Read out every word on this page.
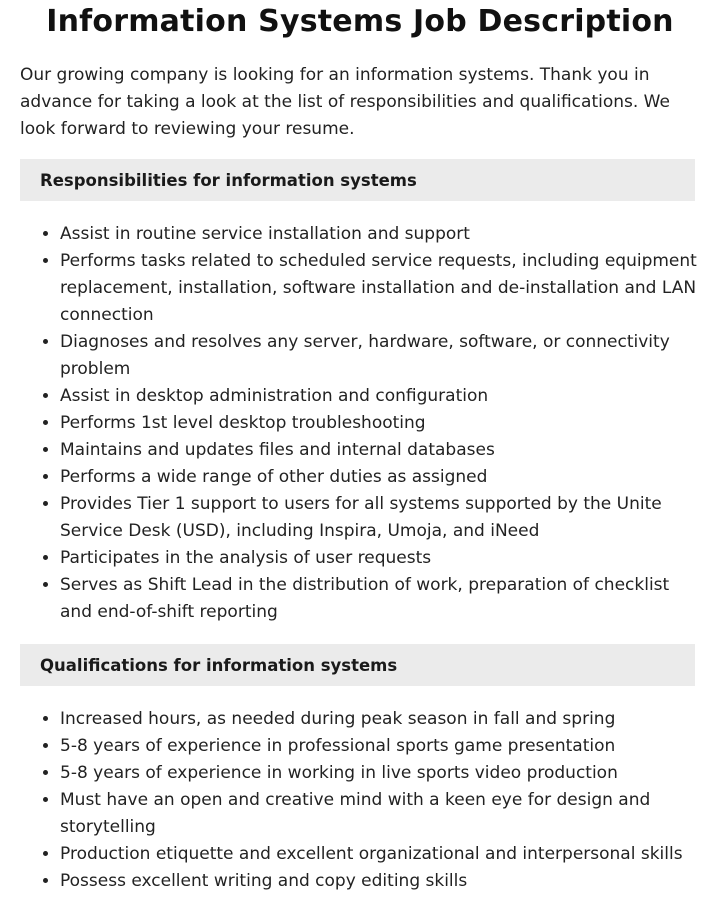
Information Systems Job Description

Our growing company is looking for an information systems. Thank you in advance for taking a look at the list of responsibilities and qualifications. We look forward to reviewing your resume.

Responsibilities for information systems
• Assist in routine service installation and support
• Performs tasks related to scheduled service requests, including equipment replacement, installation, software installation and de-installation and LAN connection
• Diagnoses and resolves any server, hardware, software, or connectivity problem
• Assist in desktop administration and configuration
• Performs 1st level desktop troubleshooting
• Maintains and updates files and internal databases
• Performs a wide range of other duties as assigned
• Provides Tier 1 support to users for all systems supported by the Unite Service Desk (USD), including Inspira, Umoja, and iNeed
• Participates in the analysis of user requests
• Serves as Shift Lead in the distribution of work, preparation of checklist and end-of-shift reporting
Qualifications for information systems
• Increased hours, as needed during peak season in fall and spring
• 5-8 years of experience in professional sports game presentation
• 5-8 years of experience in working in live sports video production
• Must have an open and creative mind with a keen eye for design and storytelling
• Production etiquette and excellent organizational and interpersonal skills
• Possess excellent writing and copy editing skills
